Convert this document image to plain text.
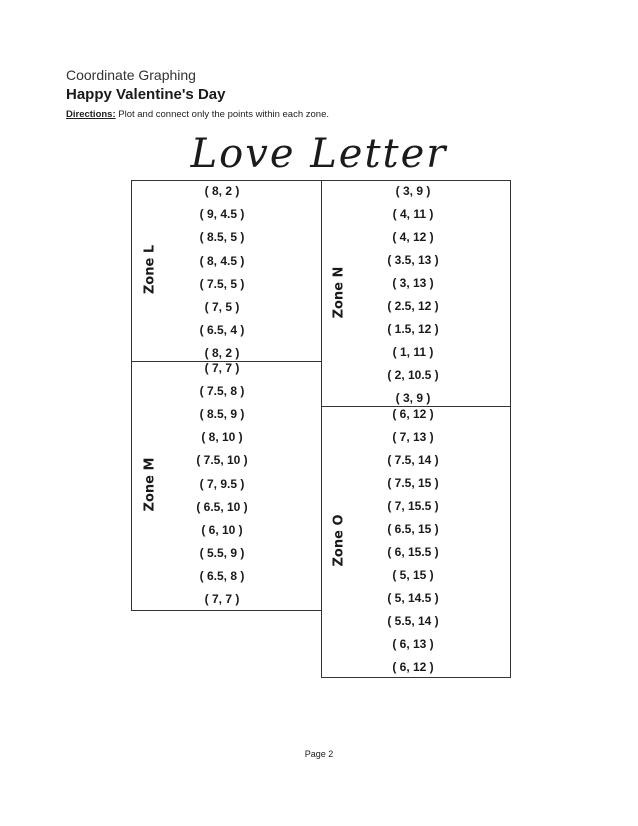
Coordinate Graphing
Happy Valentine's Day
Directions: Plot and connect only the points within each zone.
Love Letter
Zone L
( 8, 2 )
( 9, 4.5 )
( 8.5, 5 )
( 8, 4.5 )
( 7.5, 5 )
( 7, 5 )
( 6.5, 4 )
( 8, 2 )
Zone M
( 7, 7 )
( 7.5, 8 )
( 8.5, 9 )
( 8, 10 )
( 7.5, 10 )
( 7, 9.5 )
( 6.5, 10 )
( 6, 10 )
( 5.5, 9 )
( 6.5, 8 )
( 7, 7 )
Zone N
( 3, 9 )
( 4, 11 )
( 4, 12 )
( 3.5, 13 )
( 3, 13 )
( 2.5, 12 )
( 1.5, 12 )
( 1, 11 )
( 2, 10.5 )
( 3, 9 )
Zone O
( 6, 12 )
( 7, 13 )
( 7.5, 14 )
( 7.5, 15 )
( 7, 15.5 )
( 6.5, 15 )
( 6, 15.5 )
( 5, 15 )
( 5, 14.5 )
( 5.5, 14 )
( 6, 13 )
( 6, 12 )
Page 2
